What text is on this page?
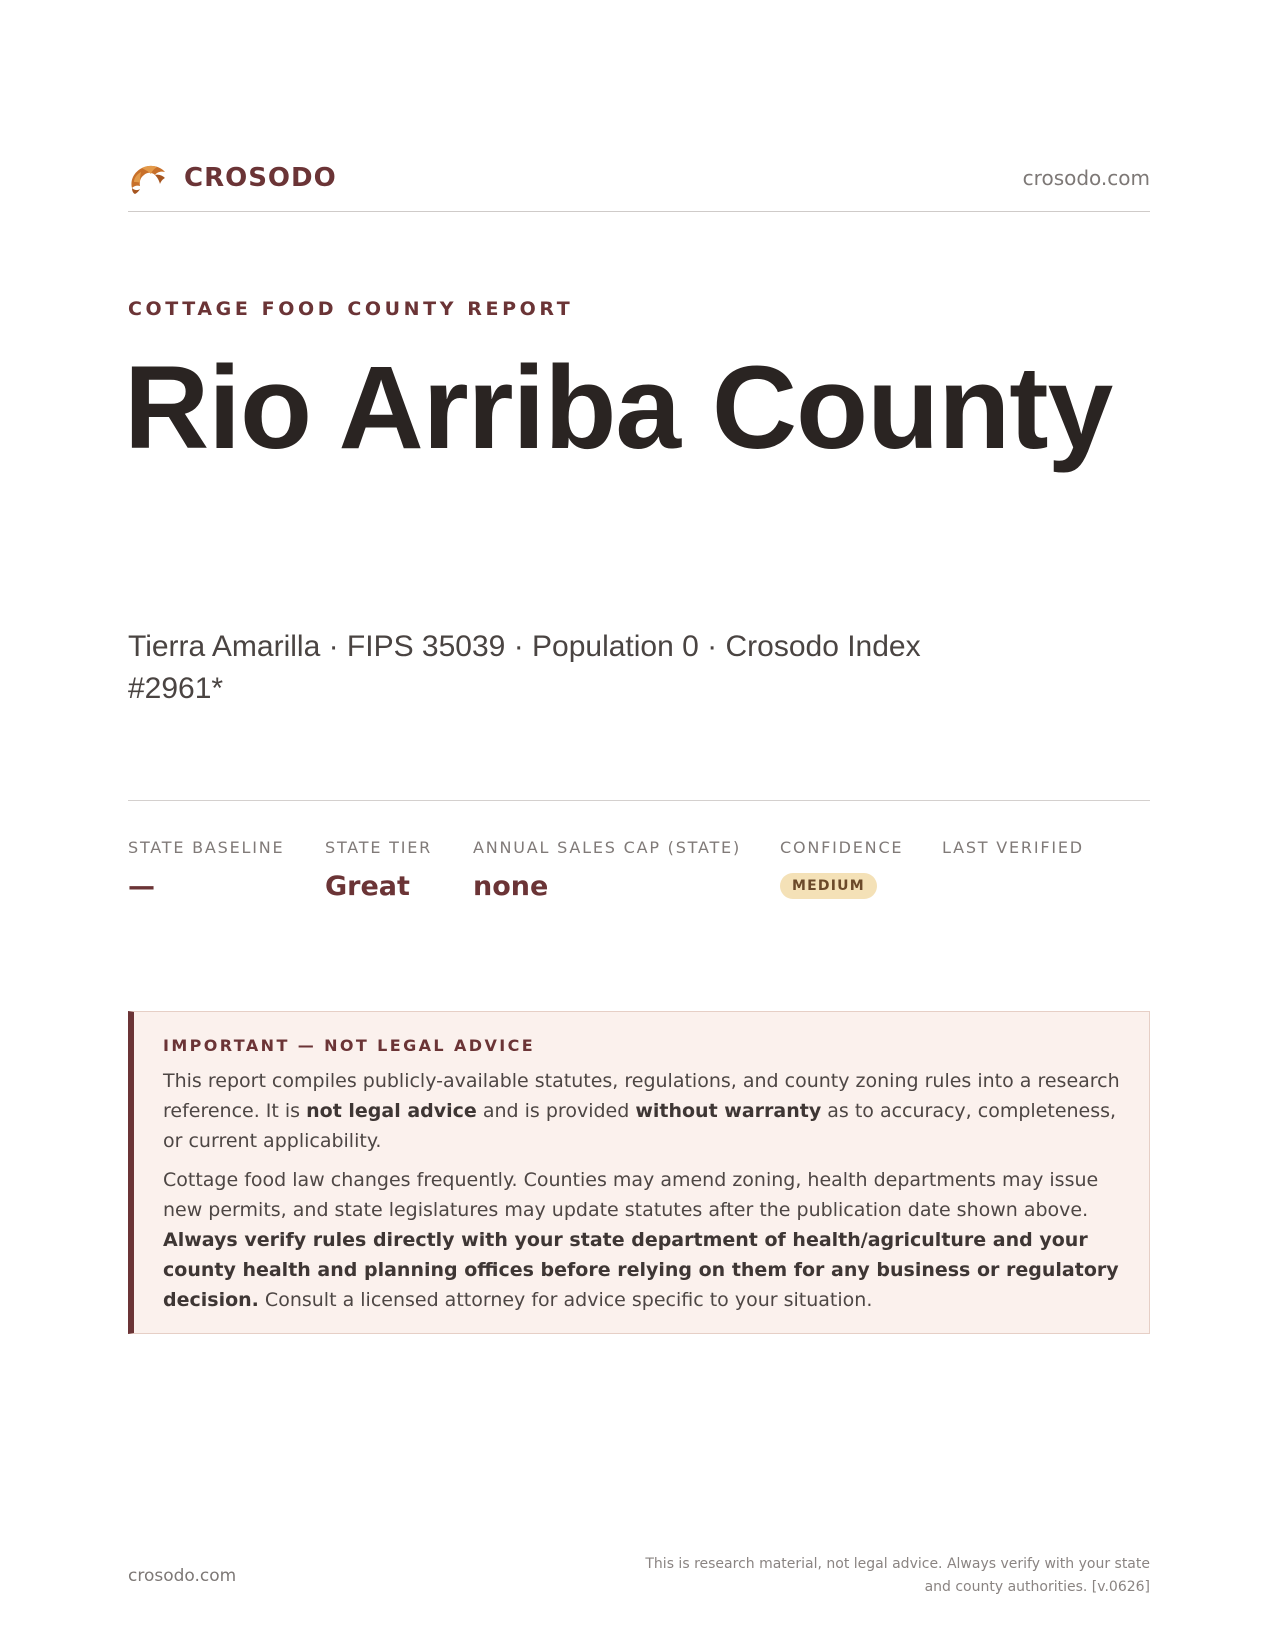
CROSODO	crosodo.com
COTTAGE FOOD COUNTY REPORT
Rio Arriba County

Tierra Amarilla · FIPS 35039 · Population 0 · Crosodo Index #2961*

STATE BASELINE
—
STATE TIER
Great
ANNUAL SALES CAP (STATE)
none
CONFIDENCE
MEDIUM
LAST VERIFIED
IMPORTANT — NOT LEGAL ADVICE

This report compiles publicly-available statutes, regulations, and county zoning rules into a research reference. It is not legal advice and is provided without warranty as to accuracy, completeness, or current applicability.

Cottage food law changes frequently. Counties may amend zoning, health departments may issue new permits, and state legislatures may update statutes after the publication date shown above. Always verify rules directly with your state department of health/agriculture and your county health and planning offices before relying on them for any business or regulatory decision. Consult a licensed attorney for advice specific to your situation.

crosodo.com
This is research material, not legal advice. Always verify with your state
and county authorities. [v.0626]
